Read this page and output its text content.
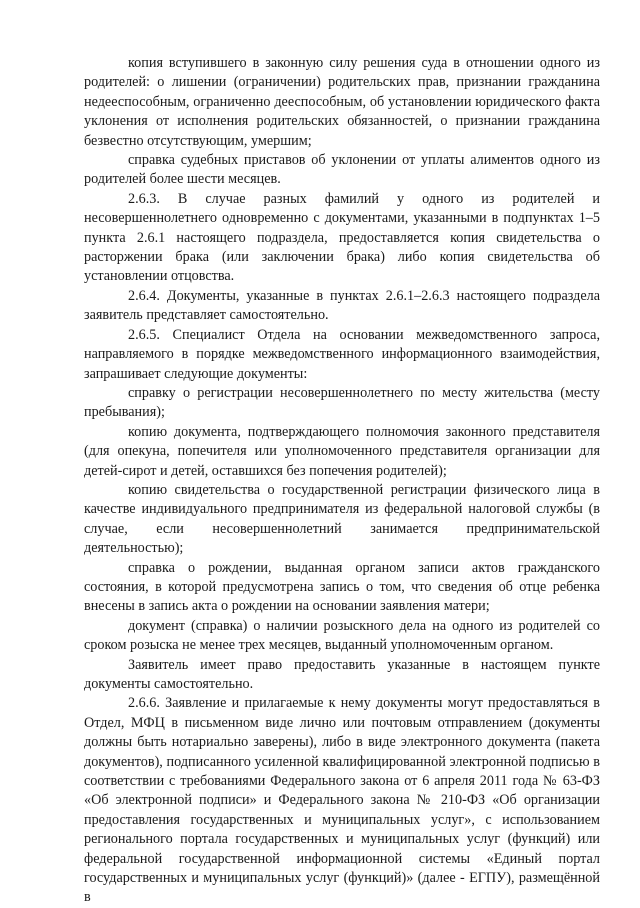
копия вступившего в законную силу решения суда в отношении одного из родителей: о лишении (ограничении) родительских прав, признании гражданина недееспособным, ограниченно дееспособным, об установлении юридического факта уклонения от исполнения родительских обязанностей, о признании гражданина безвестно отсутствующим, умершим;

справка судебных приставов об уклонении от уплаты алиментов одного из родителей более шести месяцев.

2.6.3. В случае разных фамилий у одного из родителей и несовершеннолетнего одновременно с документами, указанными в подпунктах 1–5 пункта 2.6.1 настоящего подраздела, предоставляется копия свидетельства о расторжении брака (или заключении брака) либо копия свидетельства об установлении отцовства.

2.6.4. Документы, указанные в пунктах 2.6.1–2.6.3 настоящего подраздела заявитель представляет самостоятельно.

2.6.5. Специалист Отдела на основании межведомственного запроса, направляемого в порядке межведомственного информационного взаимодействия, запрашивает следующие документы:

справку о регистрации несовершеннолетнего по месту жительства (месту пребывания);

копию документа, подтверждающего полномочия законного представителя (для опекуна, попечителя или уполномоченного представителя организации для детей-сирот и детей, оставшихся без попечения родителей);

копию свидетельства о государственной регистрации физического лица в качестве индивидуального предпринимателя из федеральной налоговой службы (в случае, если несовершеннолетний занимается предпринимательской деятельностью);

справка о рождении, выданная органом записи актов гражданского состояния, в которой предусмотрена запись о том, что сведения об отце ребенка внесены в запись акта о рождении на основании заявления матери;

документ (справка) о наличии розыскного дела на одного из родителей со сроком розыска не менее трех месяцев, выданный уполномоченным органом.

Заявитель имеет право предоставить указанные в настоящем пункте документы самостоятельно.

2.6.6. Заявление и прилагаемые к нему документы могут предоставляться в Отдел, МФЦ в письменном виде лично или почтовым отправлением (документы должны быть нотариально заверены), либо в виде электронного документа (пакета документов), подписанного усиленной квалифицированной электронной подписью в соответствии с требованиями Федерального закона от 6 апреля 2011 года № 63-ФЗ «Об электронной подписи» и Федерального закона № 210-ФЗ «Об организации предоставления государственных и муниципальных услуг», с использованием регионального портала государственных и муниципальных услуг (функций) или федеральной государственной информационной системы «Единый портал государственных и муниципальных услуг (функций)» (далее - ЕГПУ), размещённой в
